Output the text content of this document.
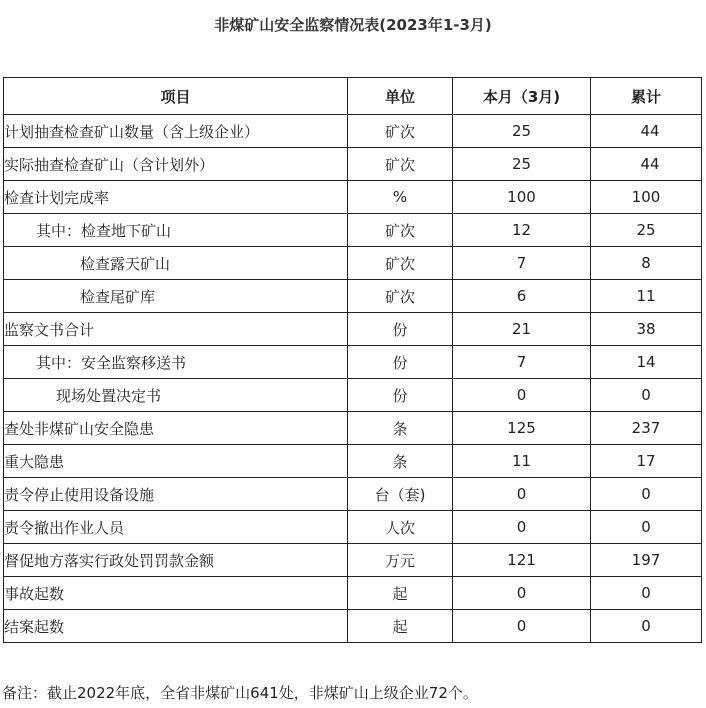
非煤矿山安全监察情况表(2023年1-3月)
项目	单位	本月（3月)	累计
计划抽查检查矿山数量（含上级企业）	矿次	25	44
实际抽查检查矿山（含计划外）	矿次	25	44
检查计划完成率	%	100	100
其中：检查地下矿山	矿次	12	25
检查露天矿山	矿次	7	8
检查尾矿库	矿次	6	11
监察文书合计	份	21	38
其中：安全监察移送书	份	7	14
现场处置决定书	份	0	0
查处非煤矿山安全隐患	条	125	237
重大隐患	条	11	17
责令停止使用设备设施	台（套)	0	0
责令撤出作业人员	人次	0	0
督促地方落实行政处罚罚款金额	万元	121	197
事故起数	起	0	0
结案起数	起	0	0
备注：截止2022年底，全省非煤矿山641处，非煤矿山上级企业72个。
